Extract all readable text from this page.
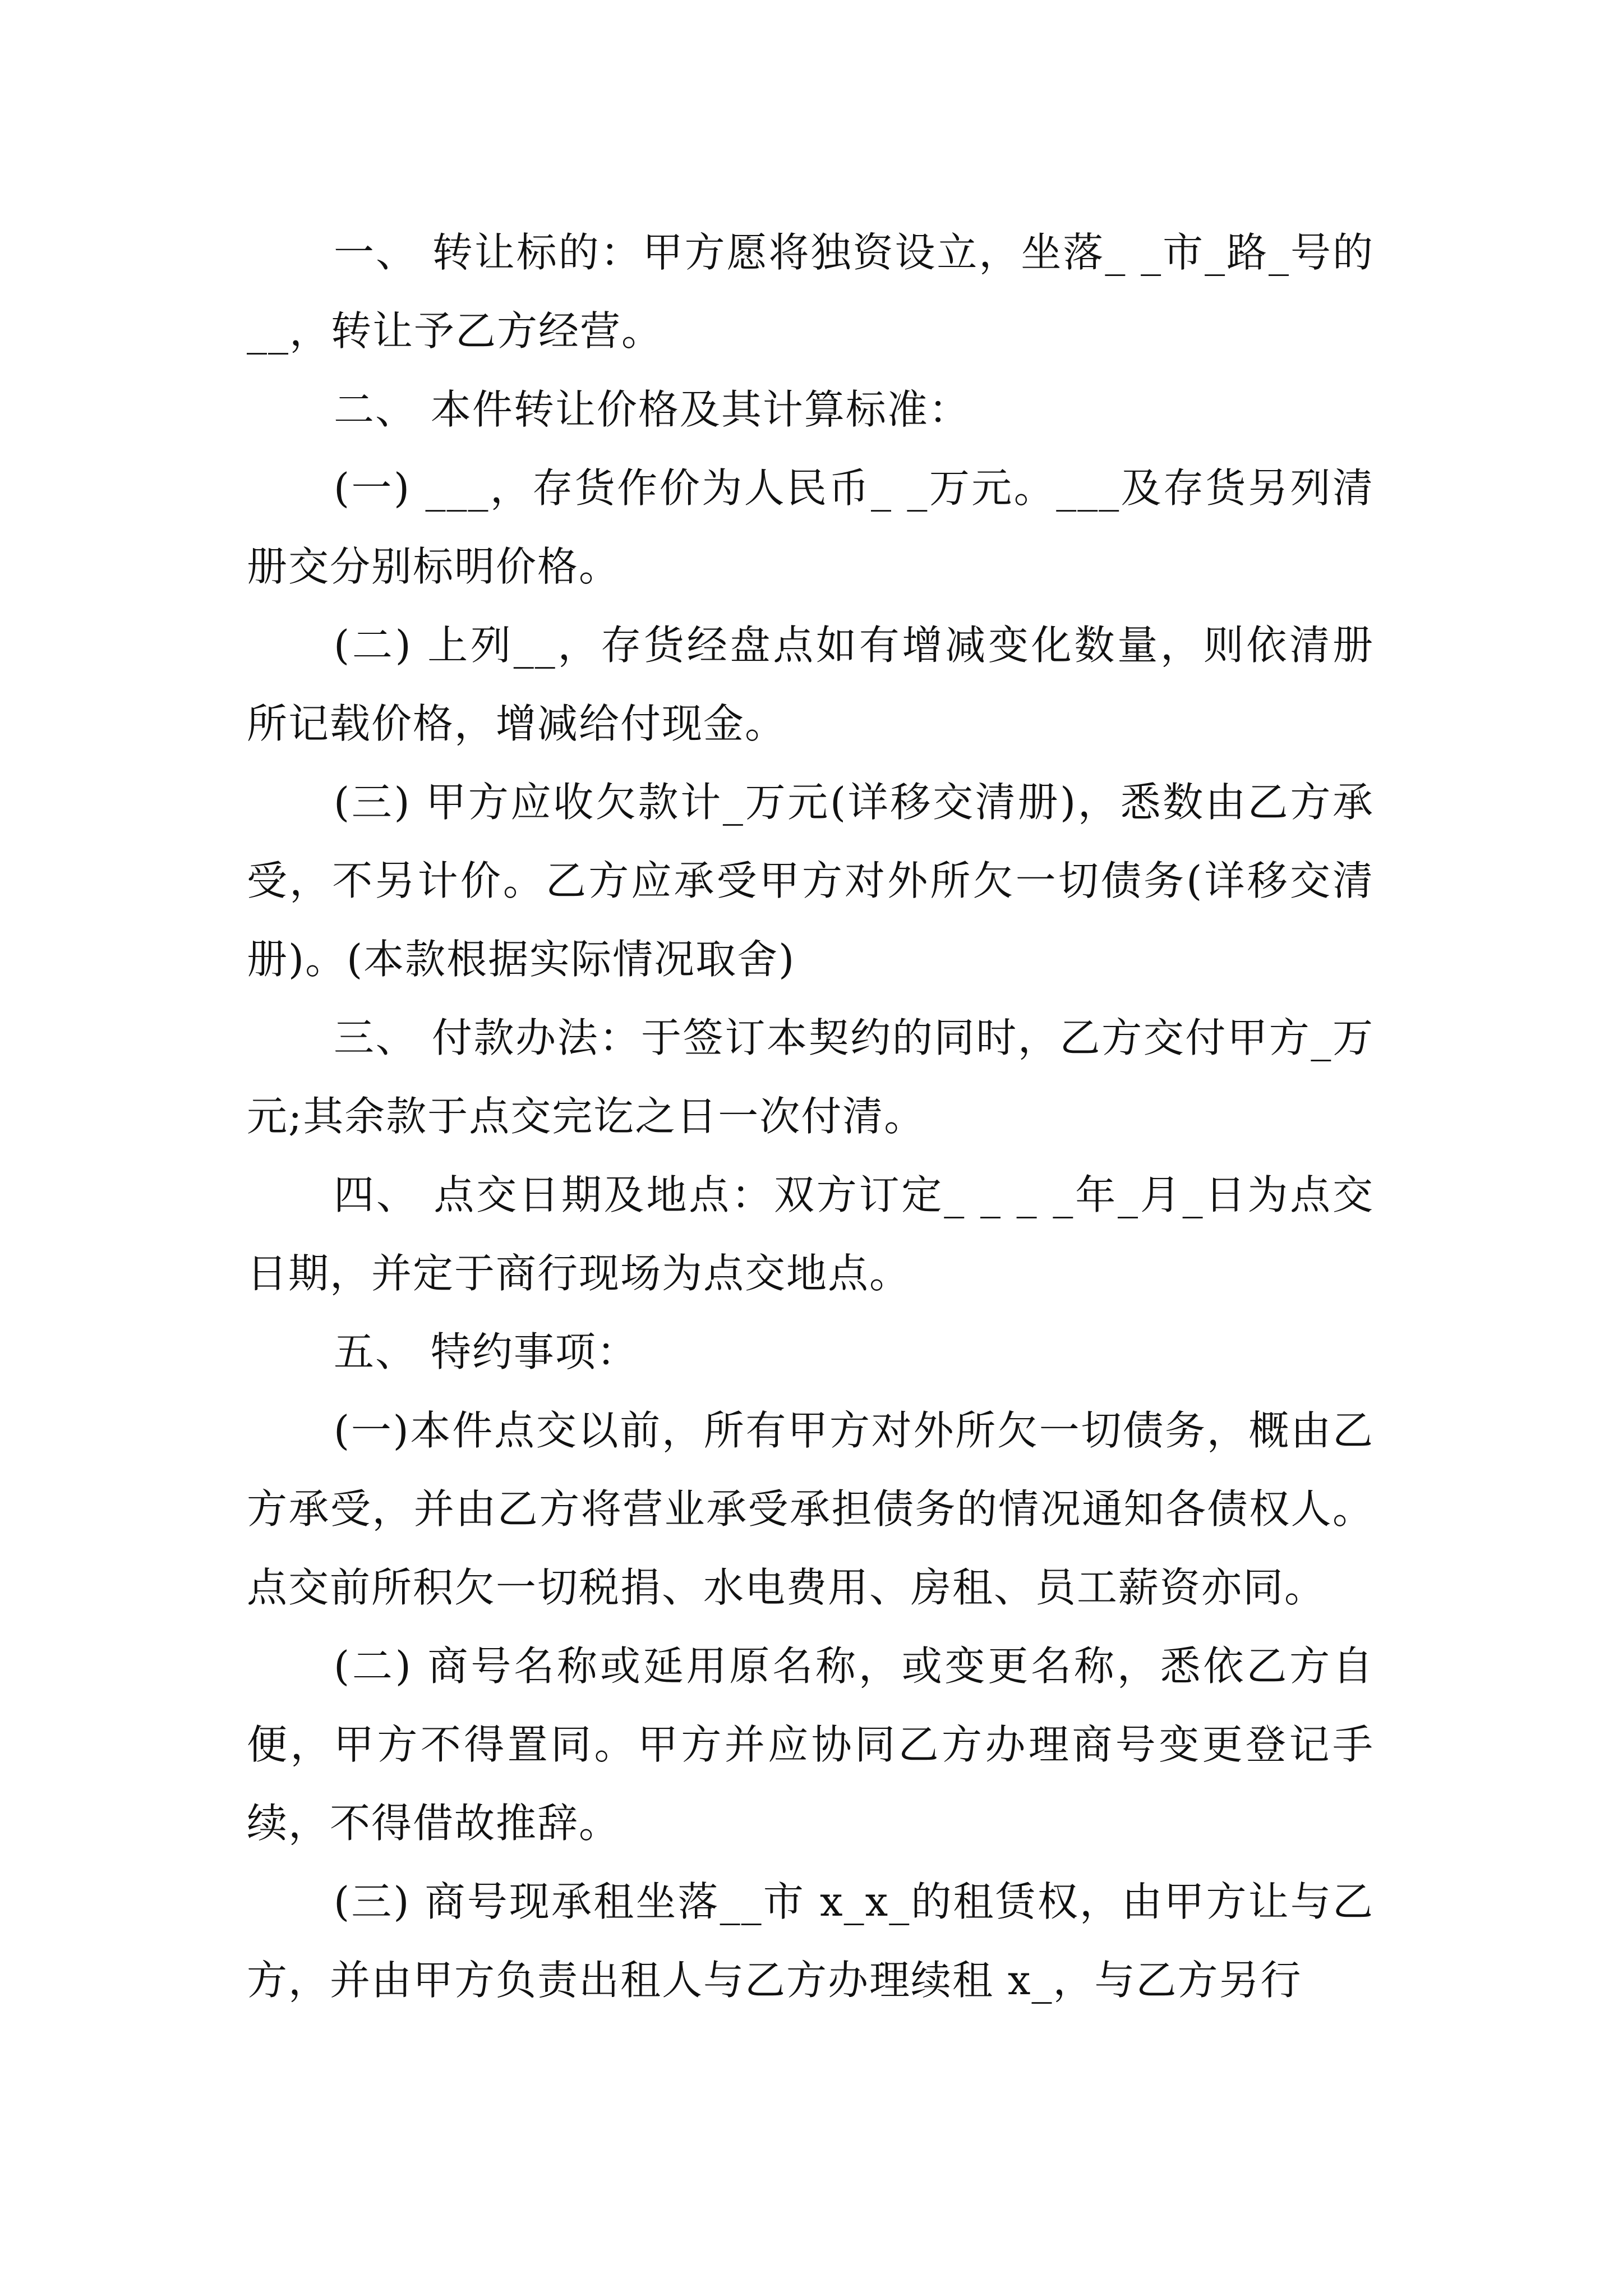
一、 转让标的：甲方愿将独资设立，坐落_ _市_路_号的__，转让予乙方经营。

二、 本件转让价格及其计算标准：

(一) ___，存货作价为人民币_ _万元。___及存货另列清册交分别标明价格。

(二) 上列__，存货经盘点如有增减变化数量，则依清册所记载价格，增减给付现金。

(三) 甲方应收欠款计_万元(详移交清册)，悉数由乙方承受，不另计价。乙方应承受甲方对外所欠一切债务(详移交清册)。(本款根据实际情况取舍)

三、 付款办法：于签订本契约的同时，乙方交付甲方_万元;其余款于点交完讫之日一次付清。

四、 点交日期及地点：双方订定_ _ _ _年_月_日为点交日期，并定于商行现场为点交地点。

五、 特约事项：

(一)本件点交以前，所有甲方对外所欠一切债务，概由乙方承受，并由乙方将营业承受承担债务的情况通知各债权人。点交前所积欠一切税捐、水电费用、房租、员工薪资亦同。

(二) 商号名称或延用原名称，或变更名称，悉依乙方自便，甲方不得置同。甲方并应协同乙方办理商号变更登记手续，不得借故推辞。

(三) 商号现承租坐落__市 x_x_的租赁权，由甲方让与乙方，并由甲方负责出租人与乙方办理续租 x_，与乙方另行
